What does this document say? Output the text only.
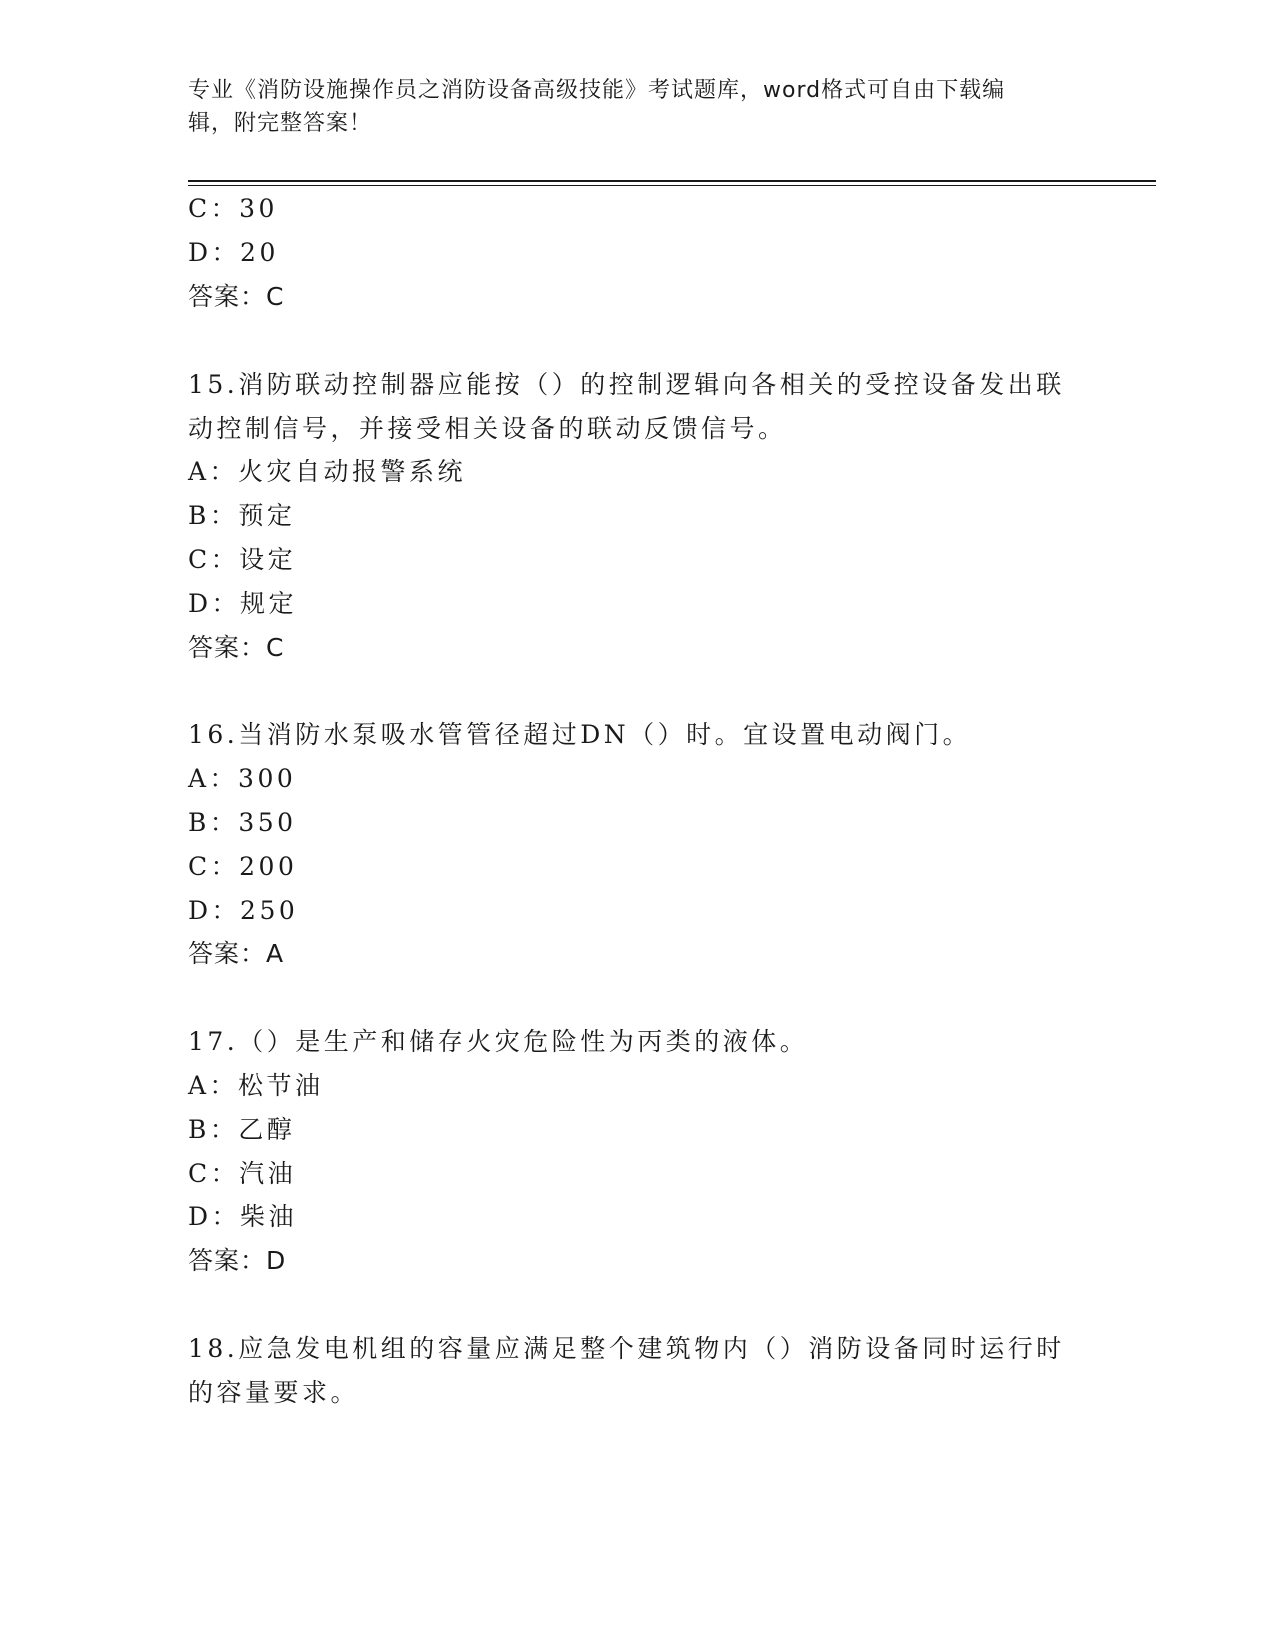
专业《消防设施操作员之消防设备高级技能》考试题库，word格式可自由下载编
辑，附完整答案！
C：30
D：20
答案：C
15.消防联动控制器应能按（）的控制逻辑向各相关的受控设备发出联
动控制信号，并接受相关设备的联动反馈信号。
A：火灾自动报警系统
B：预定
C：设定
D：规定
答案：C
16.当消防水泵吸水管管径超过DN（）时。宜设置电动阀门。
A：300
B：350
C：200
D：250
答案：A
17.（）是生产和储存火灾危险性为丙类的液体。
A：松节油
B：乙醇
C：汽油
D：柴油
答案：D
18.应急发电机组的容量应满足整个建筑物内（）消防设备同时运行时
的容量要求。
